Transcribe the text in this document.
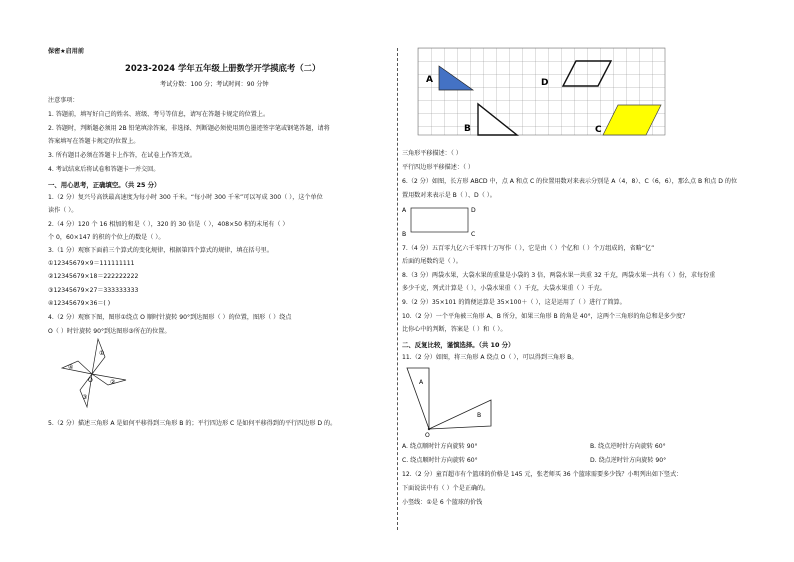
保密★启用前
2023-2024 学年五年级上册数学开学摸底考（二）
考试分数：100 分；考试时间：90 分钟
注意事项：
1. 答题前，填写好自己的姓名、班级、考号等信息，请写在答题卡规定的位置上。
2. 答题时，判断题必须用 2B 铅笔填涂答案，非选择、判断题必须使用黑色墨迹签字笔或钢笔答题，请将
答案填写在答题卡规定的位置上。
3. 所有题目必须在答题卡上作答，在试卷上作答无效。
4. 考试结束后将试卷和答题卡一并交回。
一、用心思考，正确填空。（共 25 分）
1.（2 分）复兴号高铁最高速度为每小时 300 千米。“每小时 300 千米”可以写成 300（ ），这个单位
读作（ ）。
2.（4 分）120 个 16 相加的和是（ ），320 的 30 倍是（ ），408×50 积的末尾有（ ）
个 0，60×147 的积的个位上的数是（ ）。
3.（1 分）观察下面前三个算式的变化规律，根据第四个算式的规律，填在括号里。
①12345679×9＝111111111
②12345679×18＝222222222
③12345679×27＝333333333
④12345679×36＝( )
4.（2 分）观察下图，图形①绕点 O 顺时针旋转 90°到达图形（ ）的位置，图形（ ）绕点
O（ ）时针旋转 90°到达图形③所在的位置。
①
②
③
④
O
5.（2 分）描述三角形 A 是如何平移得到三角形 B 的；平行四边形 C 是如何平移得到的平行四边形 D 的。
A
B	C
D
三角形平移描述：（ ）
平行四边形平移描述：（ ）
6.（2 分）如图，长方形 ABCD 中，点 A 和点 C 的位置用数对来表示分别是 A（4，8）、C（6，6），那么点 B 和点 D 的位
置用数对来表示是 B（ ）、D（ ）。
A
B	C
D
7.（4 分）五百零九亿六千零四十万写作（ ），它是由（ ）个亿和（ ）个万组成的，省略“亿”
后面的尾数约是（ ）。
8.（3 分）两袋水果，大袋水果的重量是小袋的 3 倍，两袋水果一共重 32 千克，两袋水果一共有（ ）份，求每份重
多少千克，列式计算是（ ），小袋水果重（ ）千克，大袋水果重（ ）千克。
9.（2 分）35×101 的简便运算是 35×100＋（ ），这是运用了（ ）进行了简算。
10.（2 分）一个平角被三角形 A、B 所分，如果三角形 B 的角是 40°，这两个三角形的角总和是多少度？
比你心中的判断，答案是（ ）和（ ）。
二、反复比较，谨慎选择。（共 10 分）
11.（2 分）如图，将三角形 A 绕点 O（ ），可以得到三角形 B。
A
B
O
A. 绕点顺时针方向旋转 90°	B. 绕点逆时针方向旋转 60°
C. 绕点顺时针方向旋转 60°	D. 绕点逆时针方向旋转 90°
12.（2 分）童百超市有个篮球的价格是 145 元，张老师买 36 个篮球需要多少钱？小明列出如下竖式：
下面说法中有（ ）个是正确的。
小竖线：①是 6 个篮球的价钱
